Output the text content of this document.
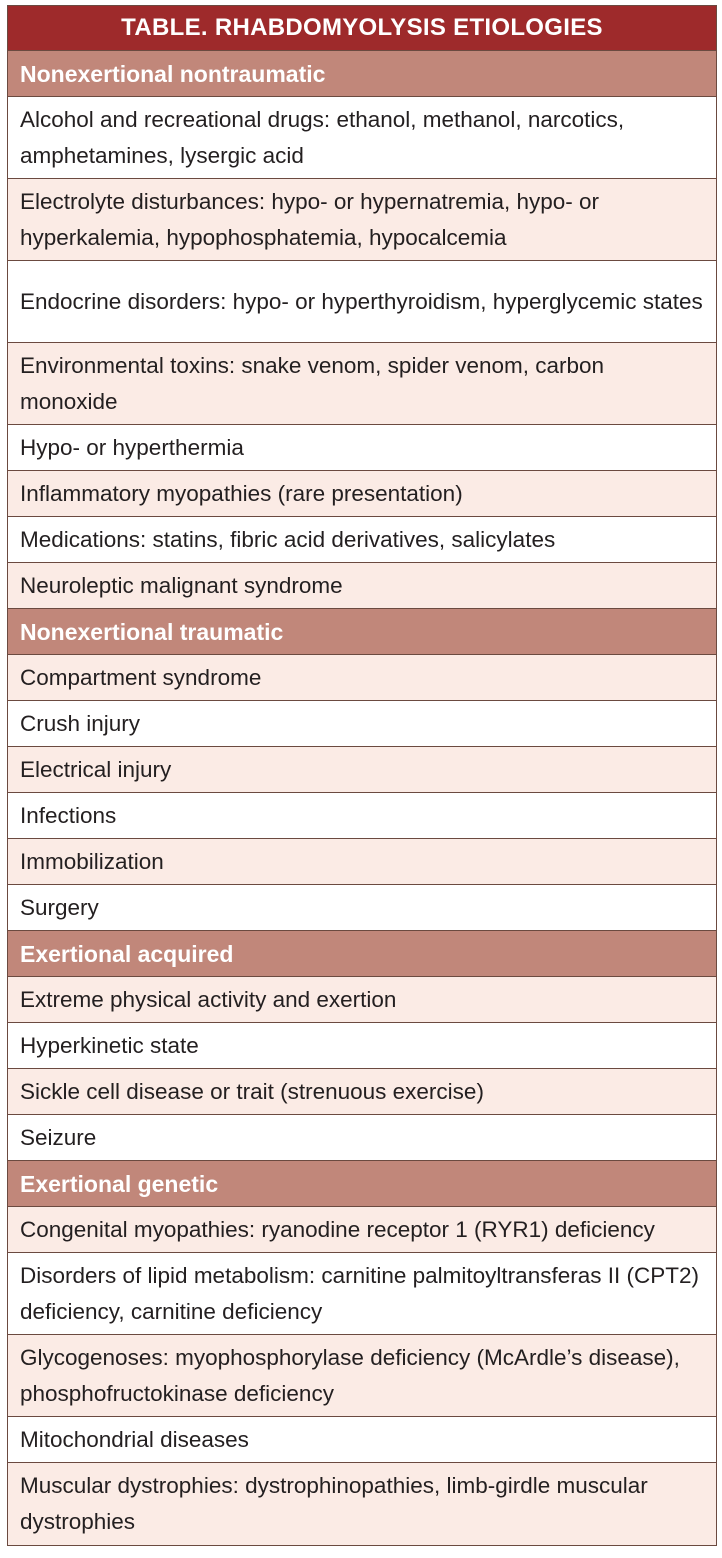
TABLE. RHABDOMYOLYSIS ETIOLOGIES
Nonexertional nontraumatic
Alcohol and recreational drugs: ethanol, methanol, narcotics, amphetamines, lysergic acid
Electrolyte disturbances: hypo- or hypernatremia, hypo- or hyperkalemia, hypophosphatemia, hypocalcemia
Endocrine disorders: hypo- or hyperthyroidism, hyperglycemic states
Environmental toxins: snake venom, spider venom, carbon monoxide
Hypo- or hyperthermia
Inflammatory myopathies (rare presentation)
Medications: statins, fibric acid derivatives, salicylates
Neuroleptic malignant syndrome
Nonexertional traumatic
Compartment syndrome
Crush injury
Electrical injury
Infections
Immobilization
Surgery
Exertional acquired
Extreme physical activity and exertion
Hyperkinetic state
Sickle cell disease or trait (strenuous exercise)
Seizure
Exertional genetic
Congenital myopathies: ryanodine receptor 1 (RYR1) deficiency
Disorders of lipid metabolism: carnitine palmitoyltransferas II (CPT2) deficiency, carnitine deficiency
Glycogenoses: myophosphorylase deficiency (McArdle’s disease), phosphofructokinase deficiency
Mitochondrial diseases
Muscular dystrophies: dystrophinopathies, limb-girdle muscular dystrophies
